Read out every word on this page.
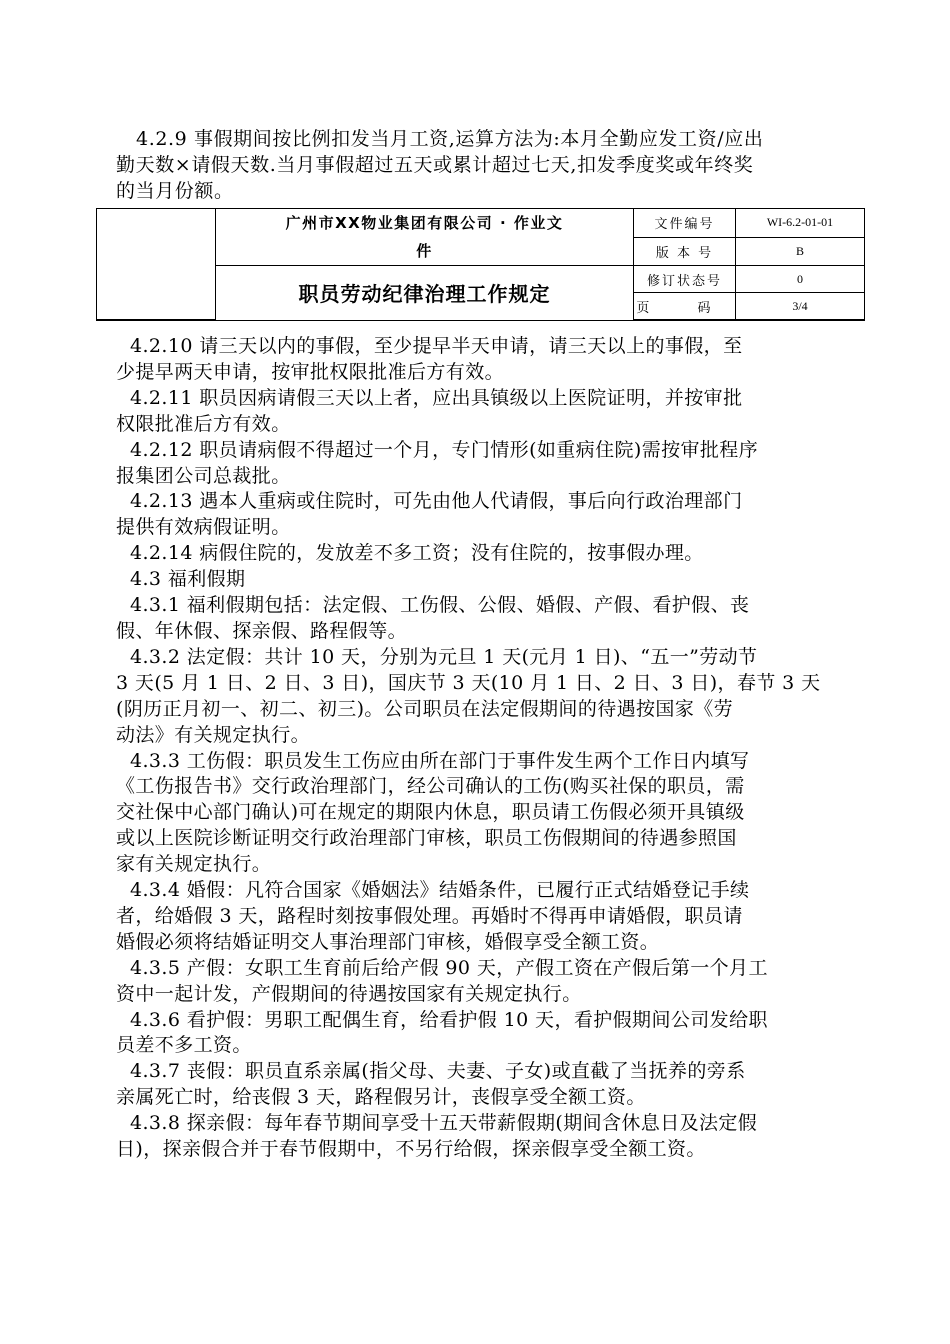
4.2.9 事假期间按比例扣发当月工资,运算方法为:本月全勤应发工资/应出
勤天数×请假天数.当月事假超过五天或累计超过七天,扣发季度奖或年终奖
的当月份额。
	广州市XX物业集团有限公司 · 作业文
件	文件编号	WI-6.2-01-01
		版 本 号	B
	职员劳动纪律治理工作规定	修订状态号	0
		页 码	3/4

4.2.10 请三天以内的事假，至少提早半天申请，请三天以上的事假，至
少提早两天申请，按审批权限批准后方有效。

4.2.11 职员因病请假三天以上者，应出具镇级以上医院证明，并按审批
权限批准后方有效。

4.2.12 职员请病假不得超过一个月，专门情形(如重病住院)需按审批程序
报集团公司总裁批。

4.2.13 遇本人重病或住院时，可先由他人代请假，事后向行政治理部门
提供有效病假证明。

4.2.14 病假住院的，发放差不多工资；没有住院的，按事假办理。

4.3 福利假期

4.3.1 福利假期包括：法定假、工伤假、公假、婚假、产假、看护假、丧
假、年休假、探亲假、路程假等。

4.3.2 法定假：共计 10 天，分别为元旦 1 天(元月 1 日)、“五一”劳动节
3 天(5 月 1 日、2 日、3 日)，国庆节 3 天(10 月 1 日、2 日、3 日)，春节 3 天
(阴历正月初一、初二、初三)。公司职员在法定假期间的待遇按国家《劳
动法》有关规定执行。

4.3.3 工伤假：职员发生工伤应由所在部门于事件发生两个工作日内填写
《工伤报告书》交行政治理部门，经公司确认的工伤(购买社保的职员，需
交社保中心部门确认)可在规定的期限内休息，职员请工伤假必须开具镇级
或以上医院诊断证明交行政治理部门审核，职员工伤假期间的待遇参照国
家有关规定执行。

4.3.4 婚假：凡符合国家《婚姻法》结婚条件，已履行正式结婚登记手续
者，给婚假 3 天，路程时刻按事假处理。再婚时不得再申请婚假，职员请
婚假必须将结婚证明交人事治理部门审核，婚假享受全额工资。

4.3.5 产假：女职工生育前后给产假 90 天，产假工资在产假后第一个月工
资中一起计发，产假期间的待遇按国家有关规定执行。

4.3.6 看护假：男职工配偶生育，给看护假 10 天，看护假期间公司发给职
员差不多工资。

4.3.7 丧假：职员直系亲属(指父母、夫妻、子女)或直截了当抚养的旁系
亲属死亡时，给丧假 3 天，路程假另计，丧假享受全额工资。

4.3.8 探亲假：每年春节期间享受十五天带薪假期(期间含休息日及法定假
日)，探亲假合并于春节假期中，不另行给假，探亲假享受全额工资。
